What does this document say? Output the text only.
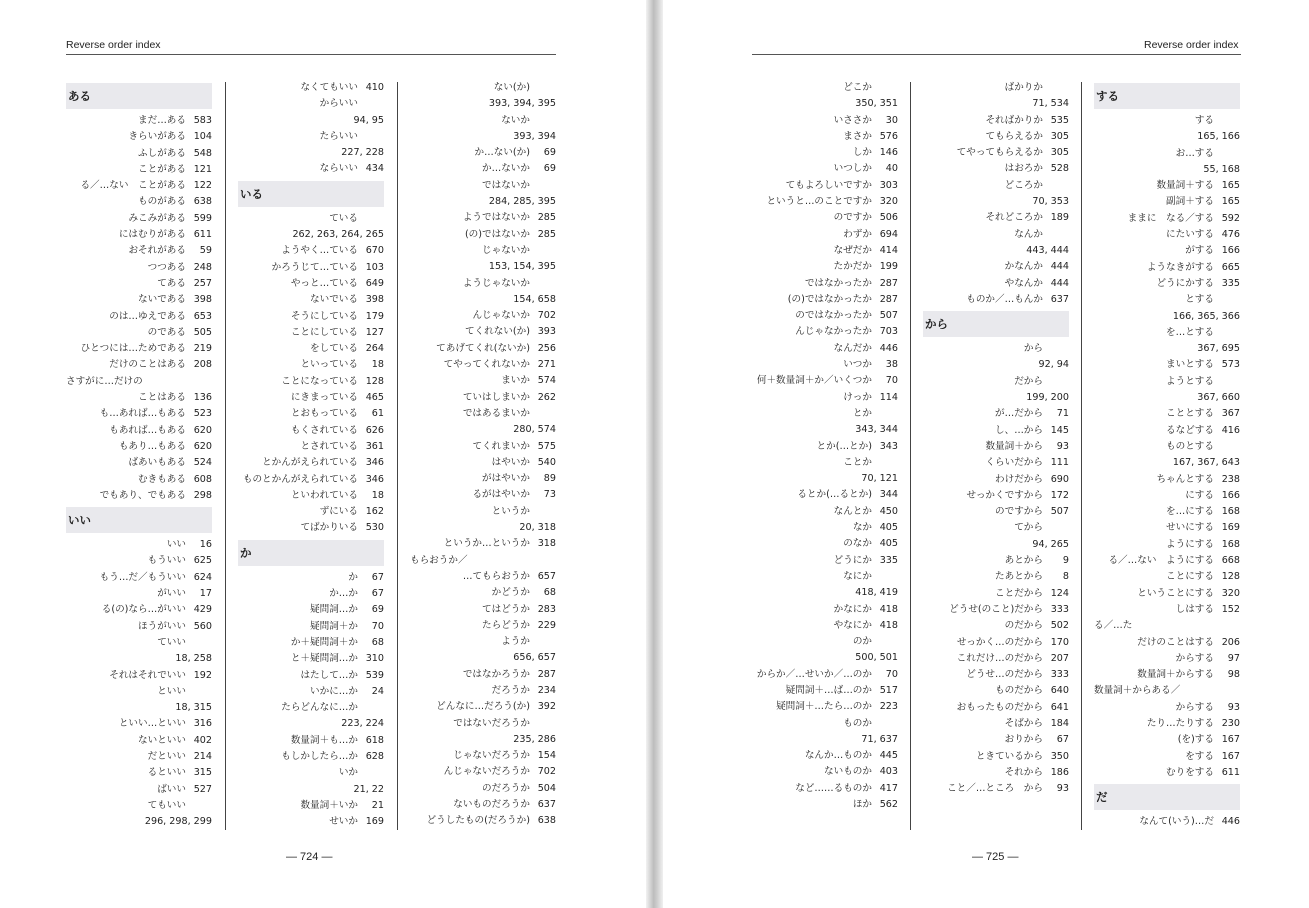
Reverse order index
ある
まだ…ある 583
きらいがある 104
ふしがある 548
ことがある 121
る／…ない　ことがある 122
ものがある 638
みこみがある 599
にはむりがある 611
おそれがある	59
つつある 248
てある 257
ないである 398
のは…ゆえである 653
のである 505
ひとつには…ためである 219
だけのことはある 208
さすがに…だけの
ことはある 136
も…あれば…もある 523
もあれば…もある 620
もあり…もある 620
ばあいもある 524
むきもある 608
でもあり、でもある 298
いい
いい	16
もういい 625
もう…だ／もういい 624
がいい	17
る(の)なら…がいい 429
ほうがいい 560
ていい
18, 258
それはそれでいい 192
といい
18, 315
といい…といい 316
ないといい 402
だといい 214
るといい 315
ばいい 527
てもいい
296, 298, 299
なくてもいい 410
からいい
94, 95
たらいい
227, 228
ならいい 434
いる
ている
262, 263, 264, 265
ようやく…ている 670
かろうじて…ている 103
やっと…ている 649
ないでいる 398
そうにしている 179
ことにしている 127
をしている 264
といっている	18
ことになっている 128
にきまっている 465
とおもっている	61
もくされている 626
とされている 361
とかんがえられている 346
ものとかんがえられている 346
といわれている	18
ずにいる 162
てばかりいる 530
か
か	67
か…か	67
疑問詞…か	69
疑問詞＋か	70
か＋疑問詞＋か	68
と＋疑問詞…か 310
はたして…か 539
いかに…か	24
たらどんなに…か
223, 224
数量詞＋も…か 618
もしかしたら…か 628
いか
21, 22
数量詞＋いか	21
せいか 169
ない(か)
393, 394, 395
ないか
393, 394
か…ない(か)	69
か…ないか	69
ではないか
284, 285, 395
ようではないか 285
(の)ではないか 285
じゃないか
153, 154, 395
ようじゃないか
154, 658
んじゃないか 702
てくれない(か) 393
てあげてくれ(ないか) 256
てやってくれないか 271
まいか 574
ていはしまいか 262
ではあるまいか
280, 574
てくれまいか 575
はやいか 540
がはやいか	89
るがはやいか	73
というか
20, 318
というか…というか 318
もらおうか／
…てもらおうか 657
かどうか	68
てはどうか 283
たらどうか 229
ようか
656, 657
ではなかろうか 287
だろうか 234
どんなに…だろう(か) 392
ではないだろうか
235, 286
じゃないだろうか 154
んじゃないだろうか 702
のだろうか 504
ないものだろうか 637
どうしたもの(だろうか) 638
— 724 —
Reverse order index
どこか
350, 351
いささか	30
まさか 576
しか 146
いつしか	40
てもよろしいですか 303
というと…のことですか 320
のですか 506
わずか 694
なぜだか 414
たかだか 199
ではなかったか 287
(の)ではなかったか 287
のではなかったか 507
んじゃなかったか 703
なんだか 446
いつか	38
何＋数量詞＋か／いくつか	70
けっか 114
とか
343, 344
とか(…とか) 343
ことか
70, 121
るとか(…るとか) 344
なんとか 450
なか 405
のなか 405
どうにか 335
なにか
418, 419
かなにか 418
やなにか 418
のか
500, 501
からか／…せいか／…のか	70
疑問詞＋…ば…のか 517
疑問詞＋…たら…のか 223
ものか
71, 637
なんか…ものか 445
ないものか 403
など……るものか 417
ほか 562
ばかりか
71, 534
そればかりか 535
てもらえるか 305
てやってもらえるか 305
はおろか 528
どころか
70, 353
それどころか 189
なんか
443, 444
かなんか 444
やなんか 444
ものか／…もんか 637
から
から
92, 94
だから
199, 200
が…だから	71
し、…から 145
数量詞＋から	93
くらいだから 111
わけだから 690
せっかくですから 172
のですから 507
てから
94, 265
あとから	9
たあとから	8
ことだから 124
どうせ(のこと)だから 333
のだから 502
せっかく…のだから 170
これだけ…のだから 207
どうせ…のだから 333
ものだから 640
おもったものだから 641
そばから 184
おりから	67
ときているから 350
それから 186
こと／…ところ　から	93
する
する
165, 166
お…する
55, 168
数量詞＋する 165
副詞＋する 165
ままに　なる／する 592
にたいする 476
がする 166
ようなきがする 665
どうにかする 335
とする
166, 365, 366
を…とする
367, 695
まいとする 573
ようとする
367, 660
こととする 367
るなどする 416
ものとする
167, 367, 643
ちゃんとする 238
にする 166
を…にする 168
せいにする 169
ようにする 168
る／…ない　ようにする 668
ことにする 128
ということにする 320
しはする 152
る／…た
だけのことはする 206
からする	97
数量詞＋からする	98
数量詞＋からある／
からする	93
たり…たりする 230
(を)する 167
をする 167
むりをする 611
だ
なんて(いう)…だ 446
— 725 —
